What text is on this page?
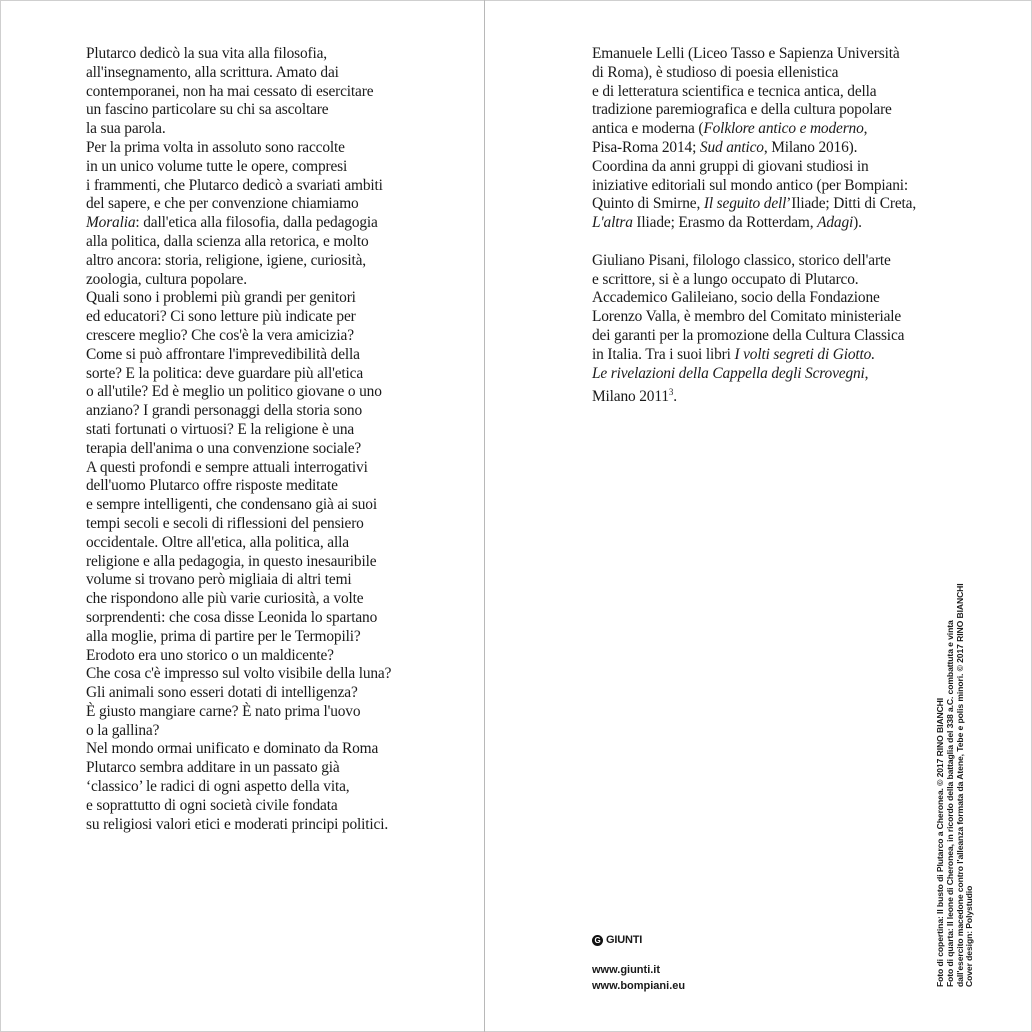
Plutarco dedicò la sua vita alla filosofia,
all'insegnamento, alla scrittura. Amato dai
contemporanei, non ha mai cessato di esercitare
un fascino particolare su chi sa ascoltare
la sua parola.
Per la prima volta in assoluto sono raccolte
in un unico volume tutte le opere, compresi
i frammenti, che Plutarco dedicò a svariati ambiti
del sapere, e che per convenzione chiamiamo
Moralia: dall'etica alla filosofia, dalla pedagogia
alla politica, dalla scienza alla retorica, e molto
altro ancora: storia, religione, igiene, curiosità,
zoologia, cultura popolare.
Quali sono i problemi più grandi per genitori
ed educatori? Ci sono letture più indicate per
crescere meglio? Che cos'è la vera amicizia?
Come si può affrontare l'imprevedibilità della
sorte? E la politica: deve guardare più all'etica
o all'utile? Ed è meglio un politico giovane o uno
anziano? I grandi personaggi della storia sono
stati fortunati o virtuosi? E la religione è una
terapia dell'anima o una convenzione sociale?
A questi profondi e sempre attuali interrogativi
dell'uomo Plutarco offre risposte meditate
e sempre intelligenti, che condensano già ai suoi
tempi secoli e secoli di riflessioni del pensiero
occidentale. Oltre all'etica, alla politica, alla
religione e alla pedagogia, in questo inesauribile
volume si trovano però migliaia di altri temi
che rispondono alle più varie curiosità, a volte
sorprendenti: che cosa disse Leonida lo spartano
alla moglie, prima di partire per le Termopili?
Erodoto era uno storico o un maldicente?
Che cosa c'è impresso sul volto visibile della luna?
Gli animali sono esseri dotati di intelligenza?
È giusto mangiare carne? È nato prima l'uovo
o la gallina?
Nel mondo ormai unificato e dominato da Roma
Plutarco sembra additare in un passato già
‘classico’ le radici di ogni aspetto della vita,
e soprattutto di ogni società civile fondata
su religiosi valori etici e moderati principi politici.
Emanuele Lelli (Liceo Tasso e Sapienza Università
di Roma), è studioso di poesia ellenistica
e di letteratura scientifica e tecnica antica, della
tradizione paremiografica e della cultura popolare
antica e moderna (Folklore antico e moderno,
Pisa-Roma 2014; Sud antico, Milano 2016).
Coordina da anni gruppi di giovani studiosi in
iniziative editoriali sul mondo antico (per Bompiani:
Quinto di Smirne, Il seguito dell’Iliade; Ditti di Creta,
L'altra Iliade; Erasmo da Rotterdam, Adagi).
Giuliano Pisani, filologo classico, storico dell'arte
e scrittore, si è a lungo occupato di Plutarco.
Accademico Galileiano, socio della Fondazione
Lorenzo Valla, è membro del Comitato ministeriale
dei garanti per la promozione della Cultura Classica
in Italia. Tra i suoi libri I volti segreti di Giotto.
Le rivelazioni della Cappella degli Scrovegni,
Milano 2011$^3$.
G GIUNTI
www.giunti.it
www.bompiani.eu	Foto di copertina: Il busto di Plutarco a Cheronea. © 2017 RINO BIANCHI Foto di quarta: Il leone di Cheronea, in ricordo della battaglia del 338 a.C. combattuta e vinta dall'esercito macedone contro l'alleanza formata da Atene, Tebe e polis minori. © 2017 RINO BIANCHI Cover design: Polystudio
